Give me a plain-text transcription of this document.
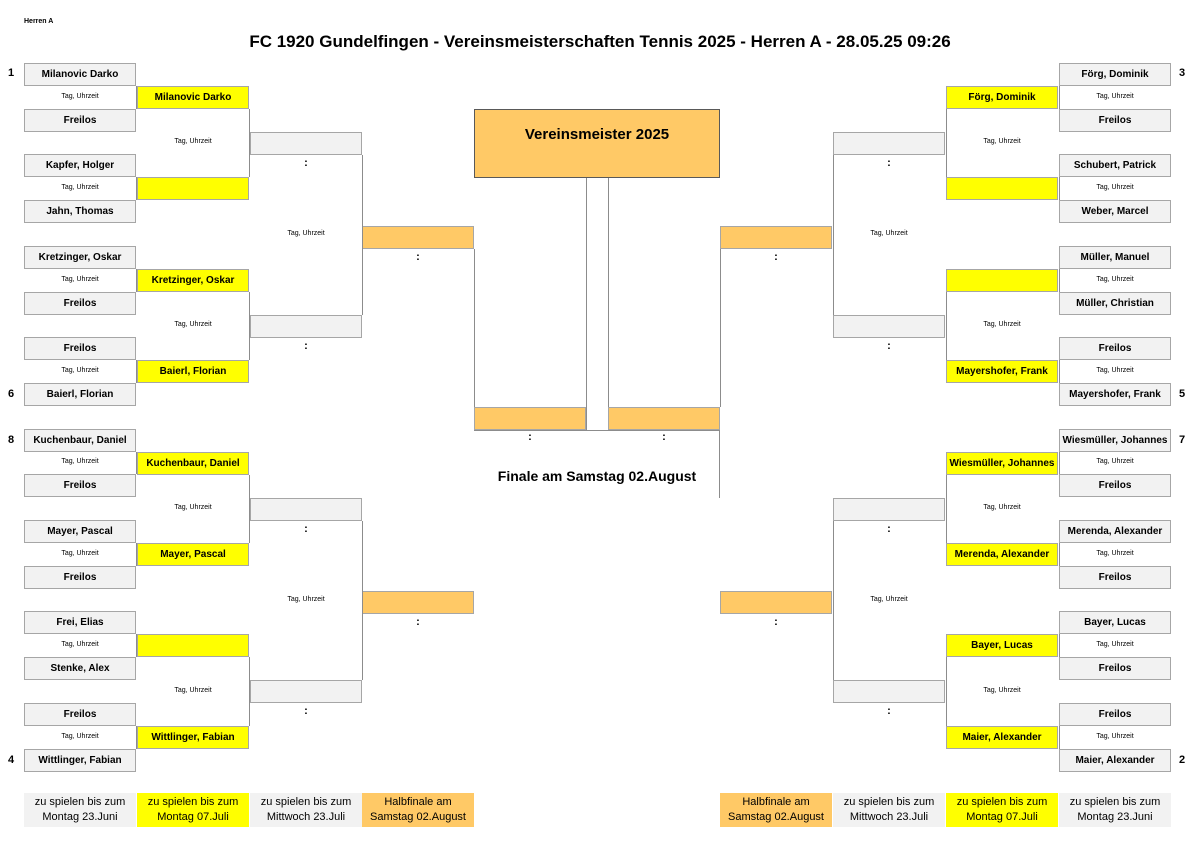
Herren A
FC 1920 Gundelfingen - Vereinsmeisterschaften Tennis 2025 - Herren A - 28.05.25 09:26
Vereinsmeister 2025
:	:
Finale am Samstag 02.August
1
6
8
4
3
5
7
2
zu spielen bis zum
Montag 23.Juni
zu spielen bis zum
Montag 07.Juli
zu spielen bis zum
Mittwoch 23.Juli
Halbfinale am
Samstag 02.August
Halbfinale am
Samstag 02.August
zu spielen bis zum
Mittwoch 23.Juli
zu spielen bis zum
Montag 07.Juli
zu spielen bis zum
Montag 23.Juni
Milanovic Darko
Freilos
Kapfer, Holger
Jahn, Thomas
Kretzinger, Oskar
Freilos
Freilos
Baierl, Florian
Kuchenbaur, Daniel
Freilos
Mayer, Pascal
Freilos
Frei, Elias
Stenke, Alex
Freilos
Wittlinger, Fabian
Milanovic Darko
Tag, Uhrzeit
Tag, Uhrzeit
Kretzinger, Oskar
Tag, Uhrzeit
Baierl, Florian
Tag, Uhrzeit
Kuchenbaur, Daniel
Tag, Uhrzeit
Mayer, Pascal
Tag, Uhrzeit
Tag, Uhrzeit
Wittlinger, Fabian
Tag, Uhrzeit
Tag, Uhrzeit
:
Tag, Uhrzeit
:
Tag, Uhrzeit
:
Tag, Uhrzeit
:
Tag, Uhrzeit
:
Tag, Uhrzeit
:
Förg, Dominik
Freilos
Schubert, Patrick
Weber, Marcel
Müller, Manuel
Müller, Christian
Freilos
Mayershofer, Frank
Wiesmüller, Johannes
Freilos
Merenda, Alexander
Freilos
Bayer, Lucas
Freilos
Freilos
Maier, Alexander
Förg, Dominik	Tag, Uhrzeit
Tag, Uhrzeit
Tag, Uhrzeit
Mayershofer, Frank	Tag, Uhrzeit
Wiesmüller, Johannes	Tag, Uhrzeit
Merenda, Alexander	Tag, Uhrzeit
Bayer, Lucas	Tag, Uhrzeit
Maier, Alexander	Tag, Uhrzeit
Tag, Uhrzeit
:
Tag, Uhrzeit
:
Tag, Uhrzeit
:
Tag, Uhrzeit
:
Tag, Uhrzeit
:
Tag, Uhrzeit
:
